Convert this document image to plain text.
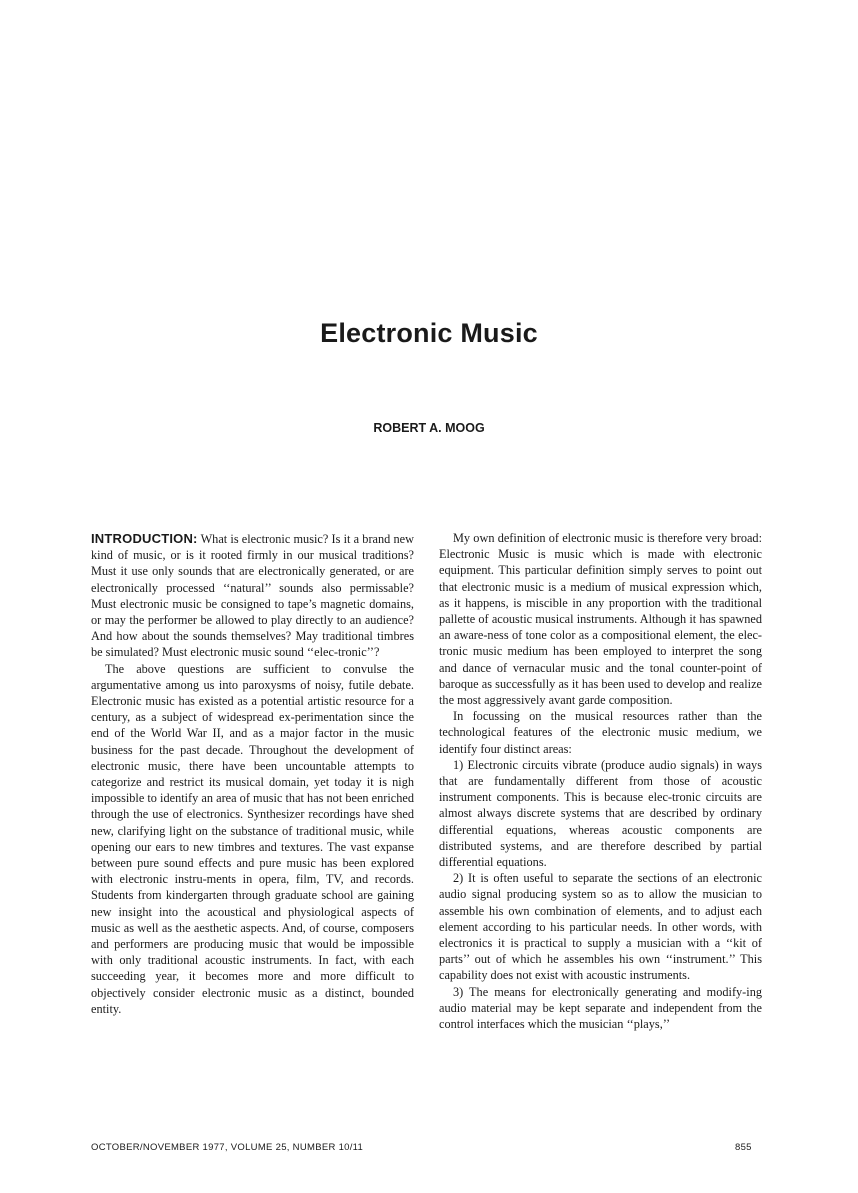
Electronic Music
ROBERT A. MOOG

INTRODUCTION: What is electronic music? Is it a brand new kind of music, or is it rooted firmly in our musical traditions? Must it use only sounds that are electronically generated, or are electronically processed ‘‘natural’’ sounds also permissable? Must electronic music be consigned to tape’s magnetic domains, or may the performer be allowed to play directly to an audience? And how about the sounds themselves? May traditional timbres be simulated? Must electronic music sound ‘‘elec-tronic’’?

The above questions are sufficient to convulse the argumentative among us into paroxysms of noisy, futile debate. Electronic music has existed as a potential artistic resource for a century, as a subject of widespread ex-perimentation since the end of the World War II, and as a major factor in the music business for the past decade. Throughout the development of electronic music, there have been uncountable attempts to categorize and restrict its musical domain, yet today it is nigh impossible to identify an area of music that has not been enriched through the use of electronics. Synthesizer recordings have shed new, clarifying light on the substance of traditional music, while opening our ears to new timbres and textures. The vast expanse between pure sound effects and pure music has been explored with electronic instru-ments in opera, film, TV, and records. Students from kindergarten through graduate school are gaining new insight into the acoustical and physiological aspects of music as well as the aesthetic aspects. And, of course, composers and performers are producing music that would be impossible with only traditional acoustic instruments. In fact, with each succeeding year, it becomes more and more difficult to objectively consider electronic music as a distinct, bounded entity.

My own definition of electronic music is therefore very broad: Electronic Music is music which is made with electronic equipment. This particular definition simply serves to point out that electronic music is a medium of musical expression which, as it happens, is miscible in any proportion with the traditional pallette of acoustic musical instruments. Although it has spawned an aware-ness of tone color as a compositional element, the elec-tronic music medium has been employed to interpret the song and dance of vernacular music and the tonal counter-point of baroque as successfully as it has been used to develop and realize the most aggressively avant garde composition.

In focussing on the musical resources rather than the technological features of the electronic music medium, we identify four distinct areas:

1) Electronic circuits vibrate (produce audio signals) in ways that are fundamentally different from those of acoustic instrument components. This is because elec-tronic circuits are almost always discrete systems that are described by ordinary differential equations, whereas acoustic components are distributed systems, and are therefore described by partial differential equations.

2) It is often useful to separate the sections of an electronic audio signal producing system so as to allow the musician to assemble his own combination of elements, and to adjust each element according to his particular needs. In other words, with electronics it is practical to supply a musician with a ‘‘kit of parts’’ out of which he assembles his own ‘‘instrument.’’ This capability does not exist with acoustic instruments.

3) The means for electronically generating and modify-ing audio material may be kept separate and independent from the control interfaces which the musician ‘‘plays,’’

OCTOBER/NOVEMBER 1977, VOLUME 25, NUMBER 10/11	855
